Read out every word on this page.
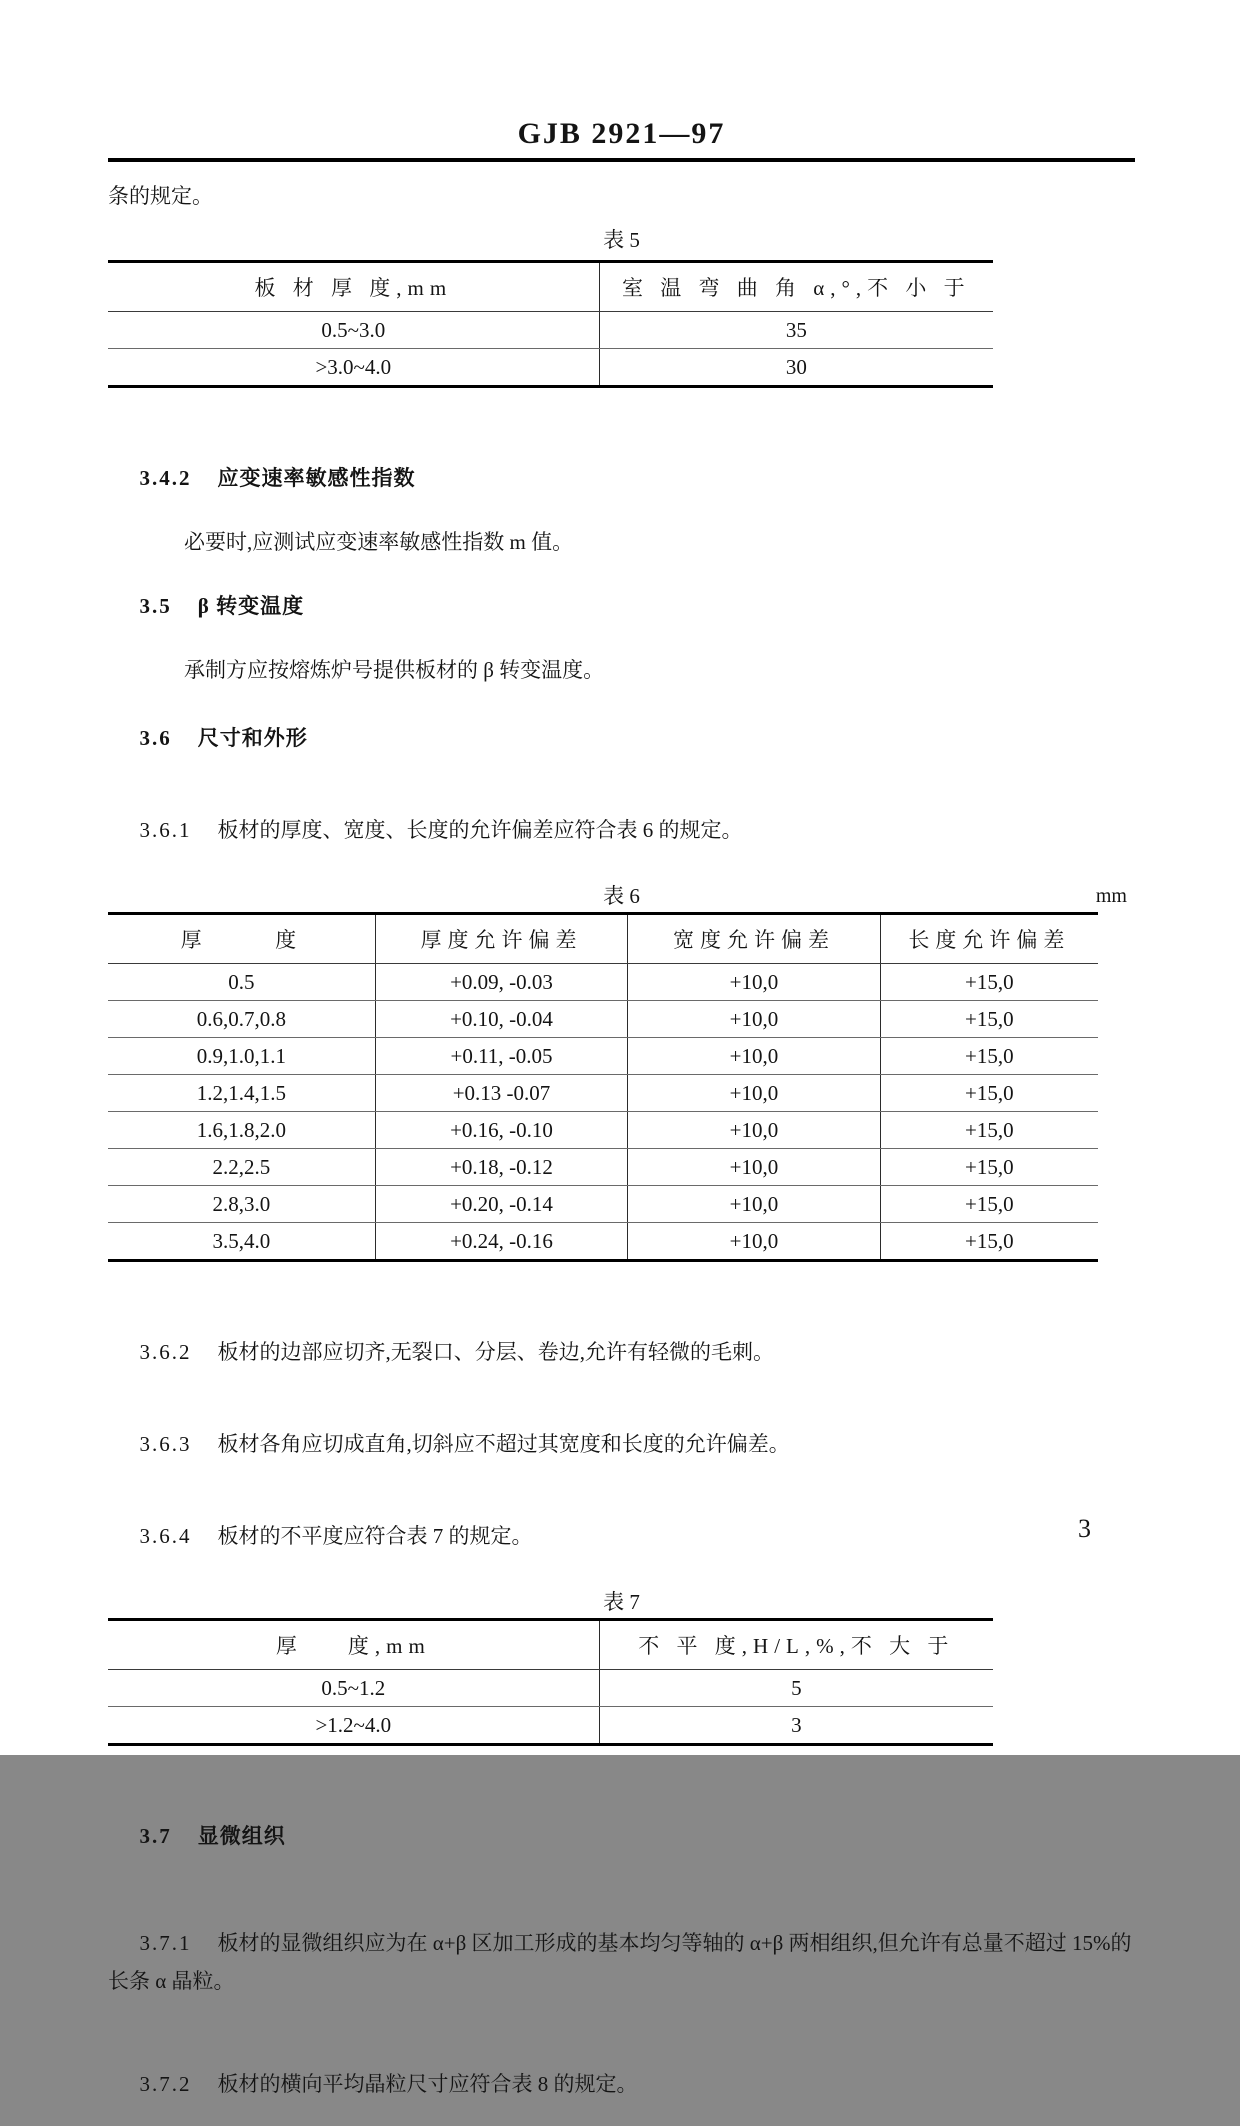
GJB 2921—97
条的规定。
表 5
板 材 厚 度,mm	室 温 弯 曲 角 α,°,不 小 于
0.5~3.0	35
>3.0~4.0	30

3.4.2 应变速率敏感性指数

必要时,应测试应变速率敏感性指数 m 值。

3.5 β 转变温度

承制方应按熔炼炉号提供板材的 β 转变温度。

3.6 尺寸和外形

3.6.1 板材的厚度、宽度、长度的允许偏差应符合表 6 的规定。

表 6	mm
厚      度	厚度允许偏差	宽度允许偏差	长度允许偏差
0.5	+0.09, -0.03	+10,0	+15,0
0.6,0.7,0.8	+0.10, -0.04	+10,0	+15,0
0.9,1.0,1.1	+0.11, -0.05	+10,0	+15,0
1.2,1.4,1.5	+0.13 -0.07	+10,0	+15,0
1.6,1.8,2.0	+0.16, -0.10	+10,0	+15,0
2.2,2.5	+0.18, -0.12	+10,0	+15,0
2.8,3.0	+0.20, -0.14	+10,0	+15,0
3.5,4.0	+0.24, -0.16	+10,0	+15,0

3.6.2 板材的边部应切齐,无裂口、分层、卷边,允许有轻微的毛刺。

3.6.3 板材各角应切成直角,切斜应不超过其宽度和长度的允许偏差。

3.6.4 板材的不平度应符合表 7 的规定。

表 7
厚    度,mm	不 平 度,H/L,%,不 大 于
0.5~1.2	5
>1.2~4.0	3

3.7 显微组织

3.7.1 板材的显微组织应为在 α+β 区加工形成的基本均匀等轴的 α+β 两相组织,但允许有总量不超过 15%的长条 α 晶粒。

3.7.2 板材的横向平均晶粒尺寸应符合表 8 的规定。

3
